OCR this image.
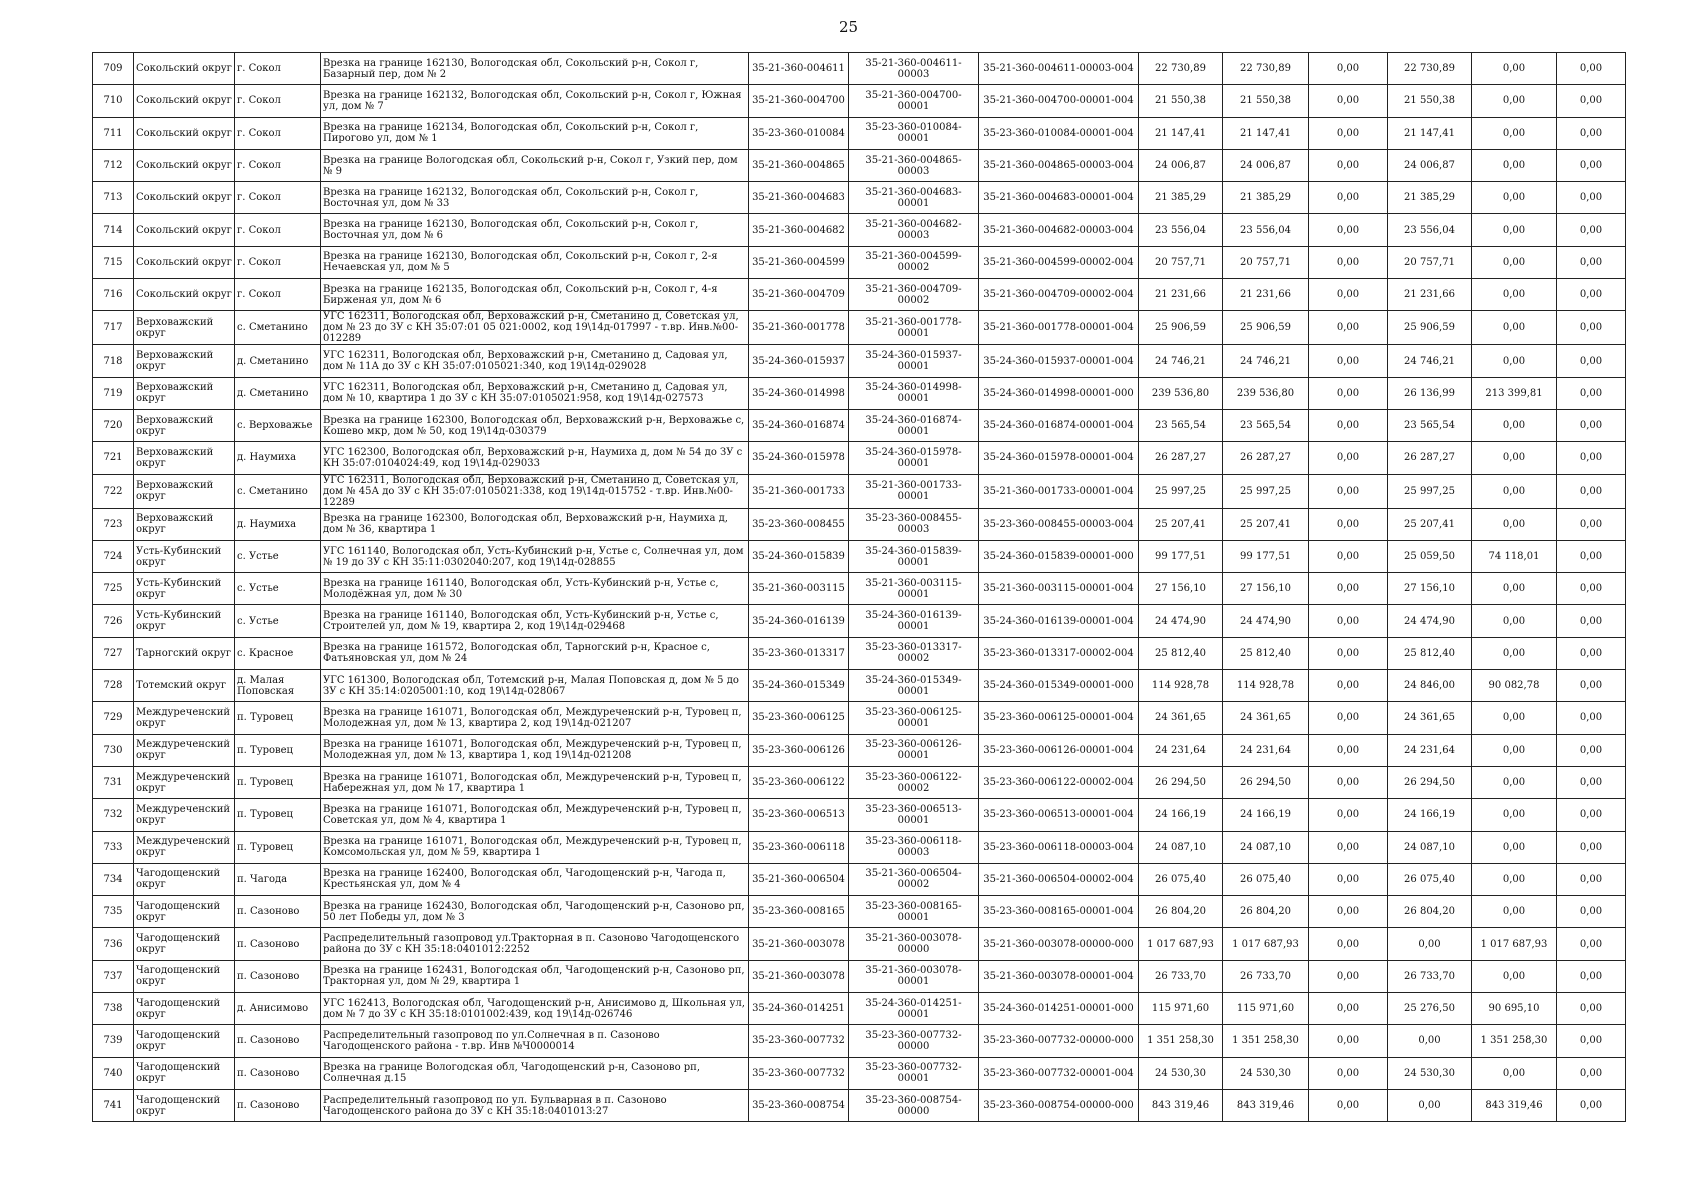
25
709	Сокольский округ	г. Сокол	Врезка на границе 162130, Вологодская обл, Сокольский р-н, Сокол г, Базарный пер, дом № 2	35-21-360-004611	35-21-360-004611-00003	35-21-360-004611-00003-004	22 730,89	22 730,89	0,00	22 730,89	0,00	0,00
710	Сокольский округ	г. Сокол	Врезка на границе 162132, Вологодская обл, Сокольский р-н, Сокол г, Южная ул, дом № 7	35-21-360-004700	35-21-360-004700-00001	35-21-360-004700-00001-004	21 550,38	21 550,38	0,00	21 550,38	0,00	0,00
711	Сокольский округ	г. Сокол	Врезка на границе 162134, Вологодская обл, Сокольский р-н, Сокол г, Пирогово ул, дом № 1	35-23-360-010084	35-23-360-010084-00001	35-23-360-010084-00001-004	21 147,41	21 147,41	0,00	21 147,41	0,00	0,00
712	Сокольский округ	г. Сокол	Врезка на границе Вологодская обл, Сокольский р-н, Сокол г, Узкий пер, дом № 9	35-21-360-004865	35-21-360-004865-00003	35-21-360-004865-00003-004	24 006,87	24 006,87	0,00	24 006,87	0,00	0,00
713	Сокольский округ	г. Сокол	Врезка на границе 162132, Вологодская обл, Сокольский р-н, Сокол г, Восточная ул, дом № 33	35-21-360-004683	35-21-360-004683-00001	35-21-360-004683-00001-004	21 385,29	21 385,29	0,00	21 385,29	0,00	0,00
714	Сокольский округ	г. Сокол	Врезка на границе 162130, Вологодская обл, Сокольский р-н, Сокол г, Восточная ул, дом № 6	35-21-360-004682	35-21-360-004682-00003	35-21-360-004682-00003-004	23 556,04	23 556,04	0,00	23 556,04	0,00	0,00
715	Сокольский округ	г. Сокол	Врезка на границе 162130, Вологодская обл, Сокольский р-н, Сокол г, 2-я Нечаевская ул, дом № 5	35-21-360-004599	35-21-360-004599-00002	35-21-360-004599-00002-004	20 757,71	20 757,71	0,00	20 757,71	0,00	0,00
716	Сокольский округ	г. Сокол	Врезка на границе 162135, Вологодская обл, Сокольский р-н, Сокол г, 4-я Бирженая ул, дом № 6	35-21-360-004709	35-21-360-004709-00002	35-21-360-004709-00002-004	21 231,66	21 231,66	0,00	21 231,66	0,00	0,00
717	Верховажский округ	с. Сметанино	УГС 162311, Вологодская обл, Верховажский р-н, Сметанино д, Советская ул, дом № 23 до ЗУ с КН 35:07:01 05 021:0002, код 19\14д-017997 - т.вр. Инв.№00-012289	35-21-360-001778	35-21-360-001778-00001	35-21-360-001778-00001-004	25 906,59	25 906,59	0,00	25 906,59	0,00	0,00
718	Верховажский округ	д. Сметанино	УГС 162311, Вологодская обл, Верховажский р-н, Сметанино д, Садовая ул, дом № 11А до ЗУ с КН 35:07:0105021:340, код 19\14д-029028	35-24-360-015937	35-24-360-015937-00001	35-24-360-015937-00001-004	24 746,21	24 746,21	0,00	24 746,21	0,00	0,00
719	Верховажский округ	д. Сметанино	УГС 162311, Вологодская обл, Верховажский р-н, Сметанино д, Садовая ул, дом № 10, квартира 1 до ЗУ с КН 35:07:0105021:958, код 19\14д-027573	35-24-360-014998	35-24-360-014998-00001	35-24-360-014998-00001-000	239 536,80	239 536,80	0,00	26 136,99	213 399,81	0,00
720	Верховажский округ	с. Верховажье	Врезка на границе 162300, Вологодская обл, Верховажский р-н, Верховажье с, Кошево мкр, дом № 50, код 19\14д-030379	35-24-360-016874	35-24-360-016874-00001	35-24-360-016874-00001-004	23 565,54	23 565,54	0,00	23 565,54	0,00	0,00
721	Верховажский округ	д. Наумиха	УГС 162300, Вологодская обл, Верховажский р-н, Наумиха д, дом № 54 до ЗУ с КН 35:07:0104024:49, код 19\14д-029033	35-24-360-015978	35-24-360-015978-00001	35-24-360-015978-00001-004	26 287,27	26 287,27	0,00	26 287,27	0,00	0,00
722	Верховажский округ	с. Сметанино	УГС 162311, Вологодская обл, Верховажский р-н, Сметанино д, Советская ул, дом № 45А до ЗУ с КН 35:07:0105021:338, код 19\14д-015752 - т.вр. Инв.№00-12289	35-21-360-001733	35-21-360-001733-00001	35-21-360-001733-00001-004	25 997,25	25 997,25	0,00	25 997,25	0,00	0,00
723	Верховажский округ	д. Наумиха	Врезка на границе 162300, Вологодская обл, Верховажский р-н, Наумиха д, дом № 36, квартира 1	35-23-360-008455	35-23-360-008455-00003	35-23-360-008455-00003-004	25 207,41	25 207,41	0,00	25 207,41	0,00	0,00
724	Усть-Кубинский округ	с. Устье	УГС 161140, Вологодская обл, Усть-Кубинский р-н, Устье с, Солнечная ул, дом № 19 до ЗУ с КН 35:11:0302040:207, код 19\14д-028855	35-24-360-015839	35-24-360-015839-00001	35-24-360-015839-00001-000	99 177,51	99 177,51	0,00	25 059,50	74 118,01	0,00
725	Усть-Кубинский округ	с. Устье	Врезка на границе 161140, Вологодская обл, Усть-Кубинский р-н, Устье с, Молодёжная ул, дом № 30	35-21-360-003115	35-21-360-003115-00001	35-21-360-003115-00001-004	27 156,10	27 156,10	0,00	27 156,10	0,00	0,00
726	Усть-Кубинский округ	с. Устье	Врезка на границе 161140, Вологодская обл, Усть-Кубинский р-н, Устье с, Строителей ул, дом № 19, квартира 2, код 19\14д-029468	35-24-360-016139	35-24-360-016139-00001	35-24-360-016139-00001-004	24 474,90	24 474,90	0,00	24 474,90	0,00	0,00
727	Тарногский округ	с. Красное	Врезка на границе 161572, Вологодская обл, Тарногский р-н, Красное с, Фатьяновская ул, дом № 24	35-23-360-013317	35-23-360-013317-00002	35-23-360-013317-00002-004	25 812,40	25 812,40	0,00	25 812,40	0,00	0,00
728	Тотемский округ	д. Малая Поповская	УГС 161300, Вологодская обл, Тотемский р-н, Малая Поповская д, дом № 5 до ЗУ с КН 35:14:0205001:10, код 19\14д-028067	35-24-360-015349	35-24-360-015349-00001	35-24-360-015349-00001-000	114 928,78	114 928,78	0,00	24 846,00	90 082,78	0,00
729	Междуреченский округ	п. Туровец	Врезка на границе 161071, Вологодская обл, Междуреченский р-н, Туровец п, Молодежная ул, дом № 13, квартира 2, код 19\14д-021207	35-23-360-006125	35-23-360-006125-00001	35-23-360-006125-00001-004	24 361,65	24 361,65	0,00	24 361,65	0,00	0,00
730	Междуреченский округ	п. Туровец	Врезка на границе 161071, Вологодская обл, Междуреченский р-н, Туровец п, Молодежная ул, дом № 13, квартира 1, код 19\14д-021208	35-23-360-006126	35-23-360-006126-00001	35-23-360-006126-00001-004	24 231,64	24 231,64	0,00	24 231,64	0,00	0,00
731	Междуреченский округ	п. Туровец	Врезка на границе 161071, Вологодская обл, Междуреченский р-н, Туровец п, Набережная ул, дом № 17, квартира 1	35-23-360-006122	35-23-360-006122-00002	35-23-360-006122-00002-004	26 294,50	26 294,50	0,00	26 294,50	0,00	0,00
732	Междуреченский округ	п. Туровец	Врезка на границе 161071, Вологодская обл, Междуреченский р-н, Туровец п, Советская ул, дом № 4, квартира 1	35-23-360-006513	35-23-360-006513-00001	35-23-360-006513-00001-004	24 166,19	24 166,19	0,00	24 166,19	0,00	0,00
733	Междуреченский округ	п. Туровец	Врезка на границе 161071, Вологодская обл, Междуреченский р-н, Туровец п, Комсомольская ул, дом № 59, квартира 1	35-23-360-006118	35-23-360-006118-00003	35-23-360-006118-00003-004	24 087,10	24 087,10	0,00	24 087,10	0,00	0,00
734	Чагодощенский округ	п. Чагода	Врезка на границе 162400, Вологодская обл, Чагодощенский р-н, Чагода п, Крестьянская ул, дом № 4	35-21-360-006504	35-21-360-006504-00002	35-21-360-006504-00002-004	26 075,40	26 075,40	0,00	26 075,40	0,00	0,00
735	Чагодощенский округ	п. Сазоново	Врезка на границе 162430, Вологодская обл, Чагодощенский р-н, Сазоново рп, 50 лет Победы ул, дом № 3	35-23-360-008165	35-23-360-008165-00001	35-23-360-008165-00001-004	26 804,20	26 804,20	0,00	26 804,20	0,00	0,00
736	Чагодощенский округ	п. Сазоново	Распределительный газопровод ул.Тракторная в п. Сазоново Чагодощенского района до ЗУ с КН 35:18:0401012:2252	35-21-360-003078	35-21-360-003078-00000	35-21-360-003078-00000-000	1 017 687,93	1 017 687,93	0,00	0,00	1 017 687,93	0,00
737	Чагодощенский округ	п. Сазоново	Врезка на границе 162431, Вологодская обл, Чагодощенский р-н, Сазоново рп, Тракторная ул, дом № 29, квартира 1	35-21-360-003078	35-21-360-003078-00001	35-21-360-003078-00001-004	26 733,70	26 733,70	0,00	26 733,70	0,00	0,00
738	Чагодощенский округ	д. Анисимово	УГС 162413, Вологодская обл, Чагодощенский р-н, Анисимово д, Школьная ул, дом № 7 до ЗУ с КН 35:18:0101002:439, код 19\14д-026746	35-24-360-014251	35-24-360-014251-00001	35-24-360-014251-00001-000	115 971,60	115 971,60	0,00	25 276,50	90 695,10	0,00
739	Чагодощенский округ	п. Сазоново	Распределительный газопровод по ул.Солнечная в п. Сазоново Чагодощенского района - т.вр. Инв №Ч0000014	35-23-360-007732	35-23-360-007732-00000	35-23-360-007732-00000-000	1 351 258,30	1 351 258,30	0,00	0,00	1 351 258,30	0,00
740	Чагодощенский округ	п. Сазоново	Врезка на границе Вологодская обл, Чагодощенский р-н, Сазоново рп, Солнечная д.15	35-23-360-007732	35-23-360-007732-00001	35-23-360-007732-00001-004	24 530,30	24 530,30	0,00	24 530,30	0,00	0,00
741	Чагодощенский округ	п. Сазоново	Распределительный газопровод по ул. Бульварная в п. Сазоново Чагодощенского района до ЗУ с КН 35:18:0401013:27	35-23-360-008754	35-23-360-008754-00000	35-23-360-008754-00000-000	843 319,46	843 319,46	0,00	0,00	843 319,46	0,00
